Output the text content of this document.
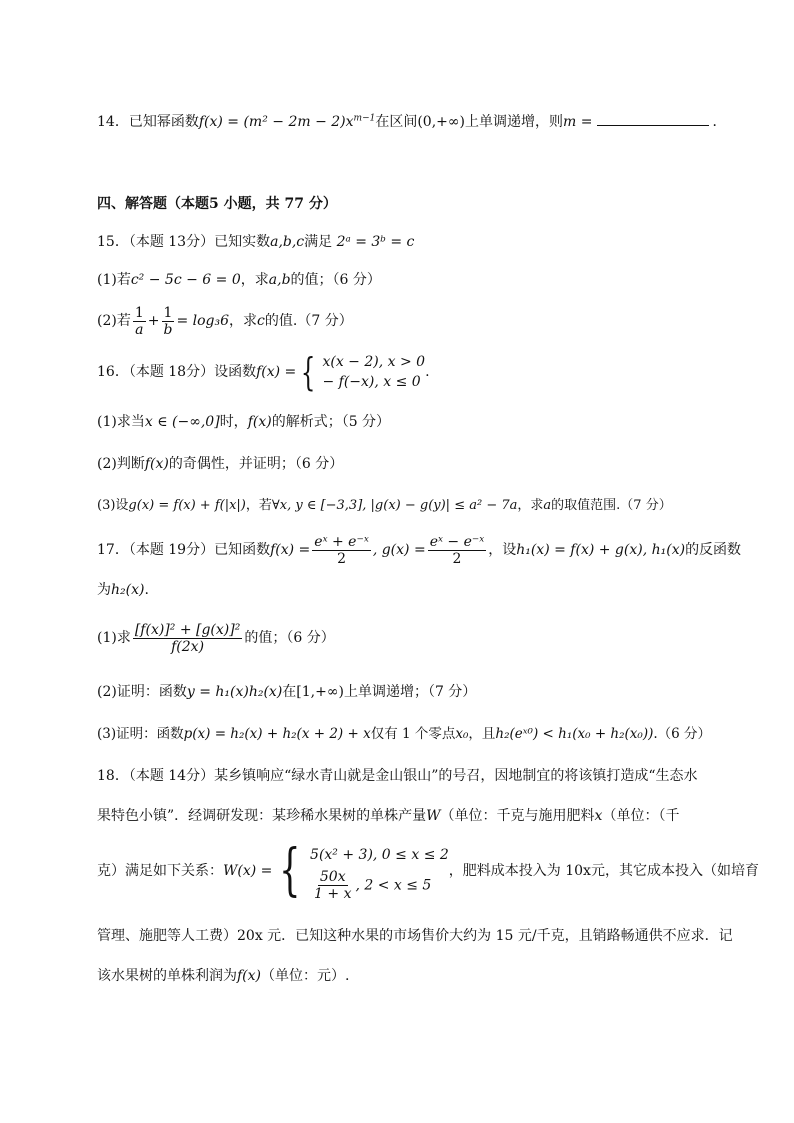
14．已知幂函数$f(x) = (m^2 - 2m - 2)x^{m-1}$在区间(0,+∞)上单调递增，则m =	．
四、解答题（本题5 小题，共 77 分）
15．（本题 13分）已知实数a,b,c满足 2ᵃ = 3ᵇ = c
(1)若c² − 5c − 6 = 0，求a,b的值；（6 分）
(2)若 $\frac{1}{a} + \frac{1}{b} = \log_36$，求c的值.（7 分）
16．（本题 18分）设函数f(x) = { x(x − 2), x > 0
− f(−x), x ≤ 0
.
(1)求当x ∈ (−∞,0]时，f(x)的解析式；（5 分）
(2)判断f(x)的奇偶性，并证明；（6 分）
(3)设g(x) = f(x) + f(|x|)，若∀x, y ∈ [−3,3], |g(x) − g(y)| ≤ a² − 7a，求a的取值范围.（7 分）
17．（本题 19分）已知函数$f(x) = \frac{\text{eˣ + e⁻ˣ}}{2}$ , $g(x) = \frac{\text{eˣ − e⁻ˣ}}{2}$ ，设h₁(x) = f(x) + g(x), h₁(x)的反函数
为h₂(x).
(1)求 $\frac{\text{[f(x)]² + [g(x)]²}}{f(2x)}$ 的值；（6 分）
(2)证明：函数y = h₁(x)h₂(x)在[1,+∞)上单调递增；（7 分）
(3)证明：函数p(x) = h₂(x) + h₂(x + 2) + x仅有 1 个零点x₀，且h₂(eˣ⁰) < h₁(x₀ + h₂(x₀)).（6 分）
18．（本题 14分）某乡镇响应“绿水青山就是金山银山”的号召，因地制宜的将该镇打造成“生态水
果特色小镇”．经调研发现：某珍稀水果树的单株产量W（单位：千克与施用肥料x（单位：（千
克）满足如下关系：W(x) = { 5(x² + 3), 0 ≤ x ≤ 2
$\frac{50x}{1 + x}$ , 2 < x ≤ 5
，肥料成本投入为 10x元，其它成本投入（如培育
管理、施肥等人工费）20x 元．已知这种水果的市场售价大约为 15 元/千克，且销路畅通供不应求．记
该水果树的单株利润为f(x)（单位：元）.
